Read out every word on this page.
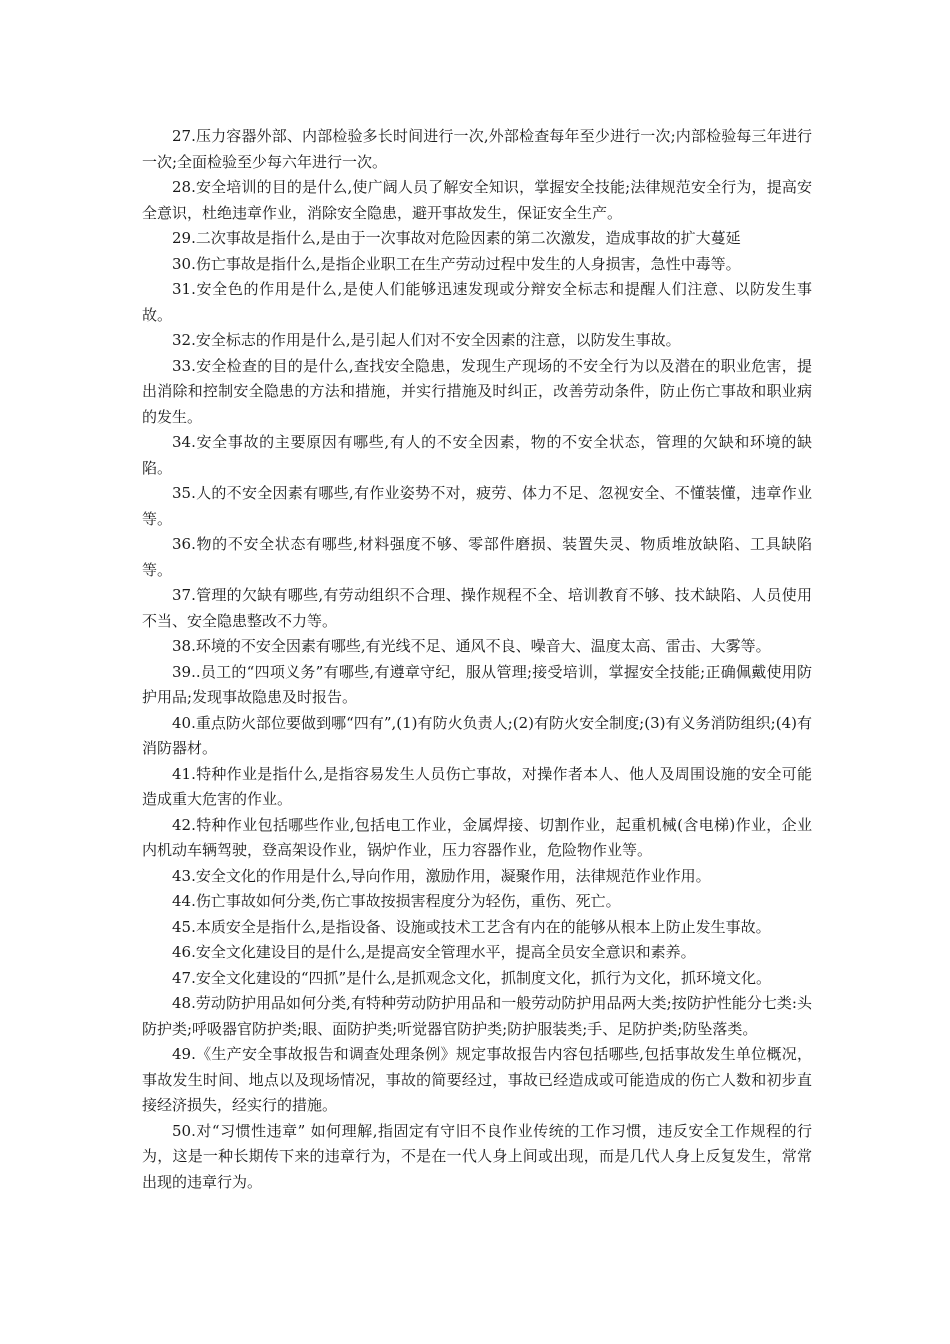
27.压力容器外部、内部检验多长时间进行一次,外部检查每年至少进行一次;内部检验每三年进行一次;全面检验至少每六年进行一次。

28.安全培训的目的是什么,使广阔人员了解安全知识，掌握安全技能;法律规范安全行为，提高安全意识，杜绝违章作业，消除安全隐患，避开事故发生，保证安全生产。

29.二次事故是指什么,是由于一次事故对危险因素的第二次激发，造成事故的扩大蔓延

30.伤亡事故是指什么,是指企业职工在生产劳动过程中发生的人身损害，急性中毒等。

31.安全色的作用是什么,是使人们能够迅速发现或分辩安全标志和提醒人们注意、以防发生事故。

32.安全标志的作用是什么,是引起人们对不安全因素的注意，以防发生事故。

33.安全检查的目的是什么,查找安全隐患，发现生产现场的不安全行为以及潜在的职业危害，提出消除和控制安全隐患的方法和措施，并实行措施及时纠正，改善劳动条件，防止伤亡事故和职业病的发生。

34.安全事故的主要原因有哪些,有人的不安全因素，物的不安全状态，管理的欠缺和环境的缺陷。

35.人的不安全因素有哪些,有作业姿势不对，疲劳、体力不足、忽视安全、不懂装懂，违章作业等。

36.物的不安全状态有哪些,材料强度不够、零部件磨损、装置失灵、物质堆放缺陷、工具缺陷等。

37.管理的欠缺有哪些,有劳动组织不合理、操作规程不全、培训教育不够、技术缺陷、人员使用不当、安全隐患整改不力等。

38.环境的不安全因素有哪些,有光线不足、通风不良、噪音大、温度太高、雷击、大雾等。

39..员工的“四项义务”有哪些,有遵章守纪，服从管理;接受培训，掌握安全技能;正确佩戴使用防护用品;发现事故隐患及时报告。

40.重点防火部位要做到哪“四有”,(1)有防火负责人;(2)有防火安全制度;(3)有义务消防组织;(4)有消防器材。

41.特种作业是指什么,是指容易发生人员伤亡事故，对操作者本人、他人及周围设施的安全可能造成重大危害的作业。

42.特种作业包括哪些作业,包括电工作业，金属焊接、切割作业，起重机械(含电梯)作业，企业内机动车辆驾驶，登高架设作业，锅炉作业，压力容器作业，危险物作业等。

43.安全文化的作用是什么,导向作用，激励作用，凝聚作用，法律规范作业作用。

44.伤亡事故如何分类,伤亡事故按损害程度分为轻伤，重伤、死亡。

45.本质安全是指什么,是指设备、设施或技术工艺含有内在的能够从根本上防止发生事故。

46.安全文化建设目的是什么,是提高安全管理水平，提高全员安全意识和素养。

47.安全文化建设的“四抓”是什么,是抓观念文化，抓制度文化，抓行为文化，抓环境文化。

48.劳动防护用品如何分类,有特种劳动防护用品和一般劳动防护用品两大类;按防护性能分七类:头防护类;呼吸器官防护类;眼、面防护类;听觉器官防护类;防护服装类;手、足防护类;防坠落类。

49.《生产安全事故报告和调查处理条例》规定事故报告内容包括哪些,包括事故发生单位概况，事故发生时间、地点以及现场情况，事故的简要经过，事故已经造成或可能造成的伤亡人数和初步直接经济损失，经实行的措施。

50.对“习惯性违章” 如何理解,指固定有守旧不良作业传统的工作习惯，违反安全工作规程的行为，这是一种长期传下来的违章行为，不是在一代人身上间或出现，而是几代人身上反复发生，常常出现的违章行为。
